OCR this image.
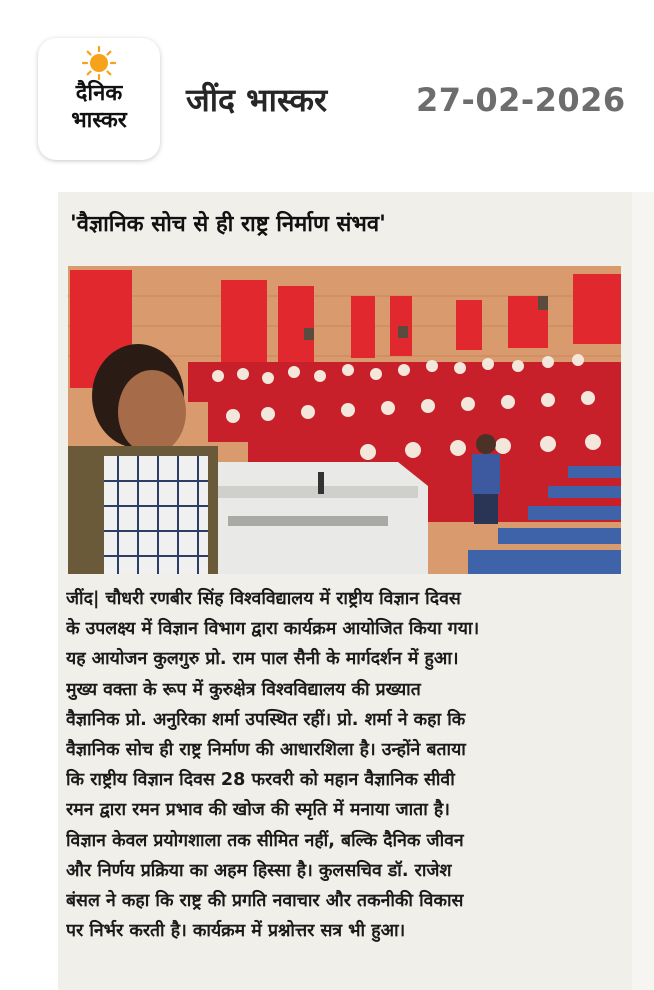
दैनिक
भास्कर
जींद भास्कर	27-02-2026
'वैज्ञानिक सोच से ही राष्ट्र निर्माण संभव'
जींद| चौधरी रणबीर सिंह विश्वविद्यालय में राष्ट्रीय विज्ञान दिवस
के उपलक्ष्य में विज्ञान विभाग द्वारा कार्यक्रम आयोजित किया गया।
यह आयोजन कुलगुरु प्रो. राम पाल सैनी के मार्गदर्शन में हुआ।
मुख्य वक्ता के रूप में कुरुक्षेत्र विश्वविद्यालय की प्रख्यात
वैज्ञानिक प्रो. अनुरिका शर्मा उपस्थित रहीं। प्रो. शर्मा ने कहा कि
वैज्ञानिक सोच ही राष्ट्र निर्माण की आधारशिला है। उन्होंने बताया
कि राष्ट्रीय विज्ञान दिवस 28 फरवरी को महान वैज्ञानिक सीवी
रमन द्वारा रमन प्रभाव की खोज की स्मृति में मनाया जाता है।
विज्ञान केवल प्रयोगशाला तक सीमित नहीं, बल्कि दैनिक जीवन
और निर्णय प्रक्रिया का अहम हिस्सा है। कुलसचिव डॉ. राजेश
बंसल ने कहा कि राष्ट्र की प्रगति नवाचार और तकनीकी विकास
पर निर्भर करती है। कार्यक्रम में प्रश्नोत्तर सत्र भी हुआ।
